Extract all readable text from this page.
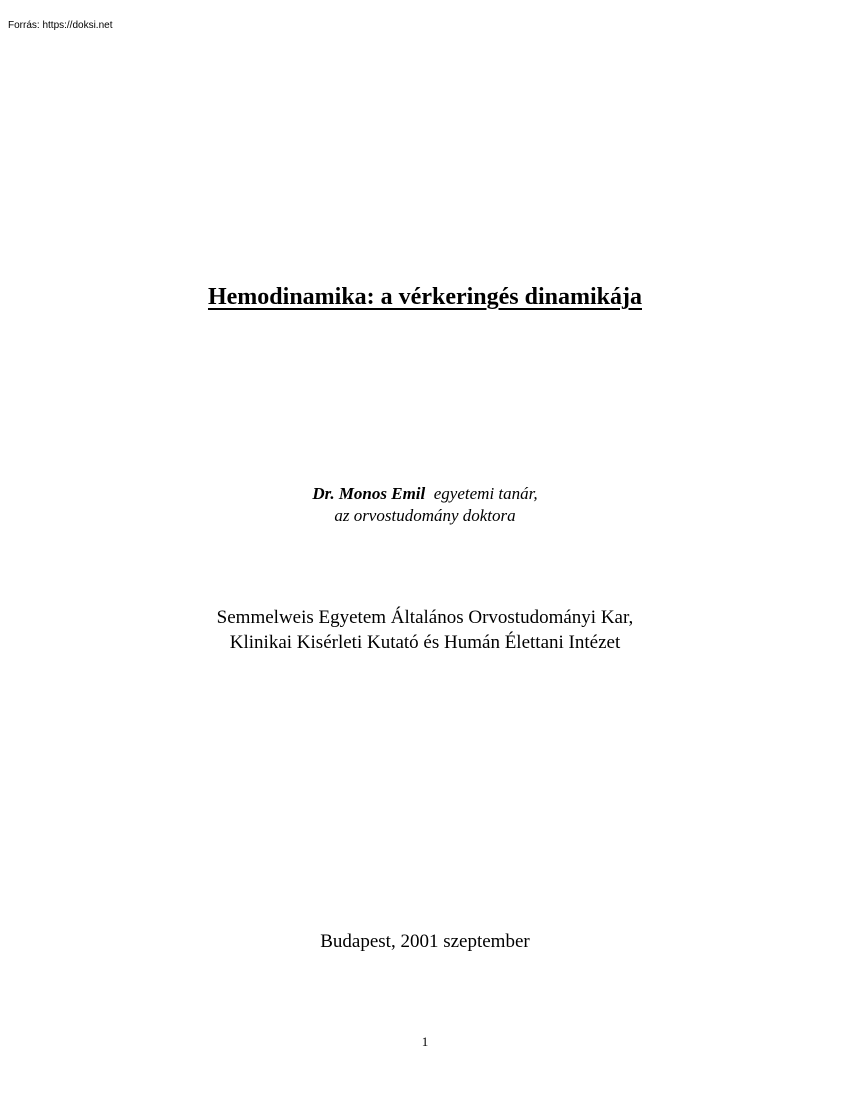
Forrás: https://doksi.net
Hemodinamika: a vérkeringés dinamikája
Dr. Monos Emil egyetemi tanár,
az orvostudomány doktora
Semmelweis Egyetem Általános Orvostudományi Kar,
Klinikai Kisérleti Kutató és Humán Élettani Intézet
Budapest, 2001 szeptember
1
